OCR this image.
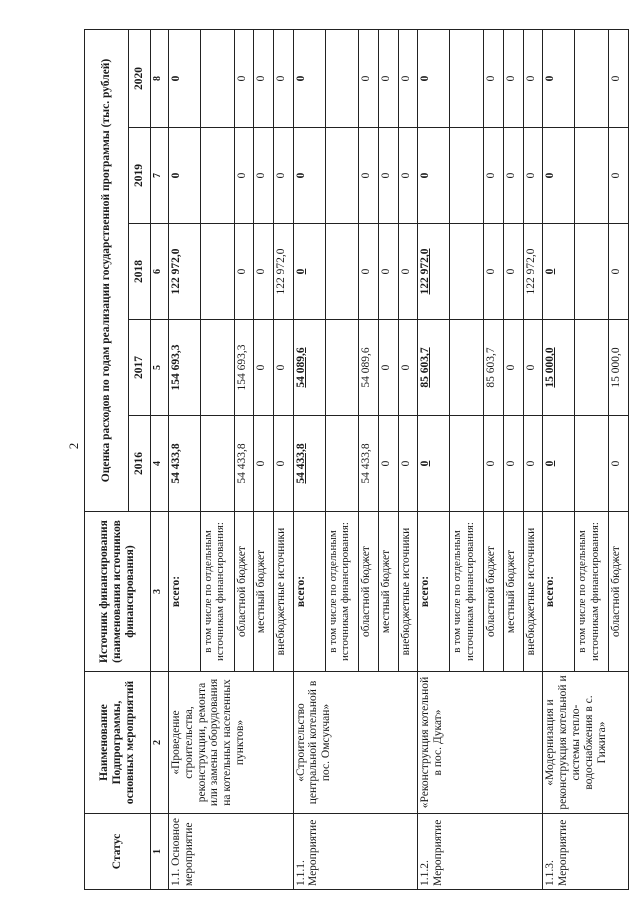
2
Статус	Наименование Подпрограммы, основных мероприятий	Источник финансирования (наименования источников финансирования)	Оценка расходов по годам реализации государственной программы (тыс. рублей)				
			2016	2017	2018	2019	2020
1	2	3	4	5	6	7	8
1.1. Основное мероприятие	«Проведение строительства, реконструкции, ремонта или замены оборудования на котельных населенных пунктов»	всего:	54 433,8	154 693,3	122 972,0	0	0
		в том числе по отдельным источникам финансирования:					
		областной бюджет	54 433,8	154 693,3	0	0	0
		местный бюджет	0	0	0	0	0
		внебюджетные источники	0	0	122 972,0	0	0
1.1.1. Мероприятие	«Строительство центральной котельной в пос. Омсукчан»	всего:	54 433,8	54 089,6	0	0	0
		в том числе по отдельным источникам финансирования:					
		областной бюджет	54 433,8	54 089,6	0	0	0
		местный бюджет	0	0	0	0	0
		внебюджетные источники	0	0	0	0	0
1.1.2. Мероприятие	«Реконструкция котельной в пос. Дукат»	всего:	0	85 603,7	122 972,0	0	0
		в том числе по отдельным источникам финансирования:					
		областной бюджет	0	85 603,7	0	0	0
		местный бюджет	0	0	0	0	0
		внебюджетные источники	0	0	122 972,0	0	0
1.1.3. Мероприятие	«Модернизация и реконструкция котельной и системы тепло-водоснабжения в с. Гижига»	всего:	0	15 000,0	0	0	0
		в том числе по отдельным источникам финансирования:					
		областной бюджет	0	15 000,0	0	0	0
